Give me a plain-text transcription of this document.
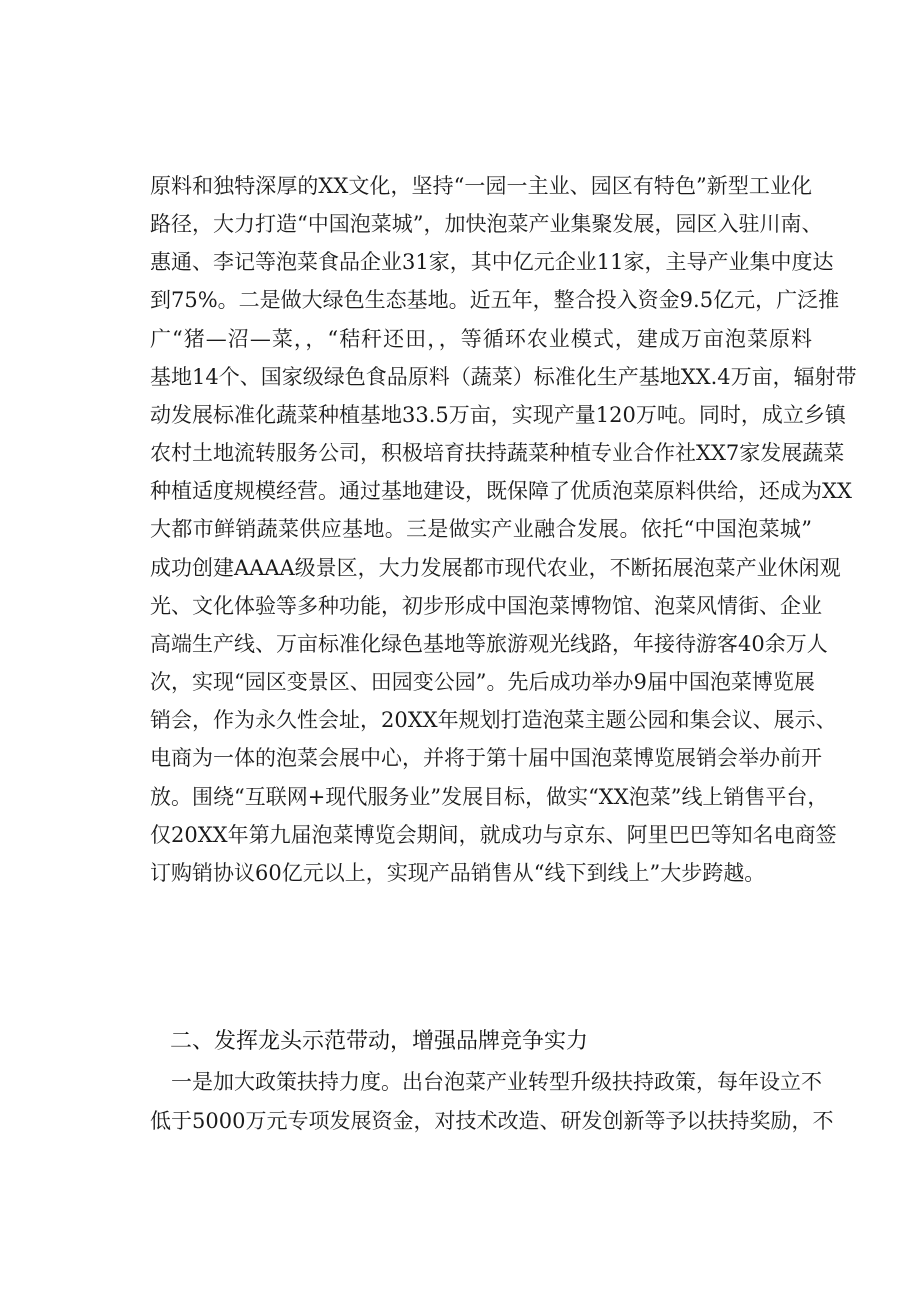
原料和独特深厚的XX文化，坚持“一园一主业、园区有特色”新型工业化
路径，大力打造“中国泡菜城”，加快泡菜产业集聚发展，园区入驻川南、
惠通、李记等泡菜食品企业31家，其中亿元企业11家，主导产业集中度达
到75%。二是做大绿色生态基地。近五年，整合投入资金9.5亿元，广泛推
广“猪—沼—菜，，“秸秆还田，，等循环农业模式，建成万亩泡菜原料
基地14个、国家级绿色食品原料（蔬菜）标准化生产基地XX.4万亩，辐射带
动发展标准化蔬菜种植基地33.5万亩，实现产量120万吨。同时，成立乡镇
农村土地流转服务公司，积极培育扶持蔬菜种植专业合作社XX7家发展蔬菜
种植适度规模经营。通过基地建设，既保障了优质泡菜原料供给，还成为XX
大都市鲜销蔬菜供应基地。三是做实产业融合发展。依托“中国泡菜城”
成功创建AAAA级景区，大力发展都市现代农业，不断拓展泡菜产业休闲观
光、文化体验等多种功能，初步形成中国泡菜博物馆、泡菜风情街、企业
高端生产线、万亩标准化绿色基地等旅游观光线路，年接待游客40余万人
次，实现“园区变景区、田园变公园”。先后成功举办9届中国泡菜博览展
销会，作为永久性会址，20XX年规划打造泡菜主题公园和集会议、展示、
电商为一体的泡菜会展中心，并将于第十届中国泡菜博览展销会举办前开
放。围绕“互联网+现代服务业”发展目标，做实“XX泡菜”线上销售平台，
仅20XX年第九届泡菜博览会期间，就成功与京东、阿里巴巴等知名电商签
订购销协议60亿元以上，实现产品销售从“线下到线上”大步跨越。
二、发挥龙头示范带动，增强品牌竞争实力
一是加大政策扶持力度。出台泡菜产业转型升级扶持政策，每年设立不
低于5000万元专项发展资金，对技术改造、研发创新等予以扶持奖励，不
